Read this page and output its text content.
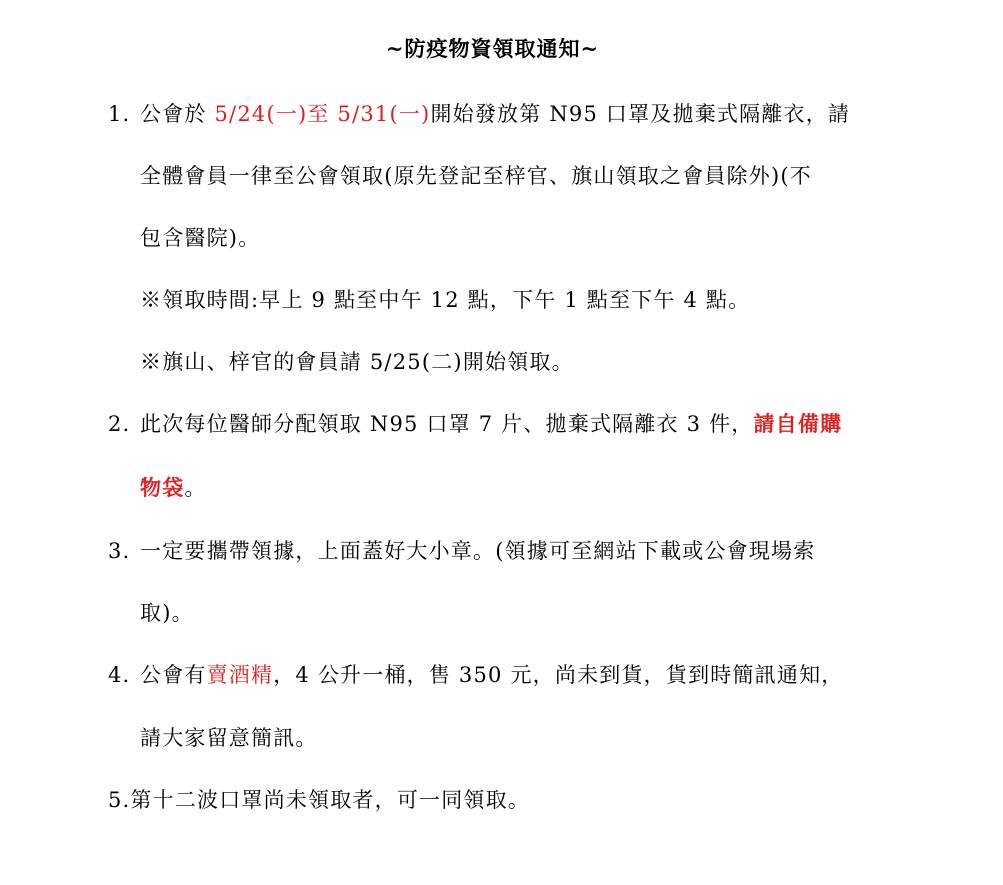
~防疫物資領取通知~
1. 公會於 5/24(一)至 5/31(一)開始發放第 N95 口罩及拋棄式隔離衣，請
全體會員一律至公會領取(原先登記至梓官、旗山領取之會員除外)(不
包含醫院)。
※領取時間:早上 9 點至中午 12 點，下午 1 點至下午 4 點。
※旗山、梓官的會員請 5/25(二)開始領取。
2. 此次每位醫師分配領取 N95 口罩 7 片、拋棄式隔離衣 3 件，請自備購
物袋。
3. 一定要攜帶領據，上面蓋好大小章。(領據可至網站下載或公會現場索
取)。
4. 公會有賣酒精，4 公升一桶，售 350 元，尚未到貨，貨到時簡訊通知，
請大家留意簡訊。
5.第十二波口罩尚未領取者，可一同領取。
